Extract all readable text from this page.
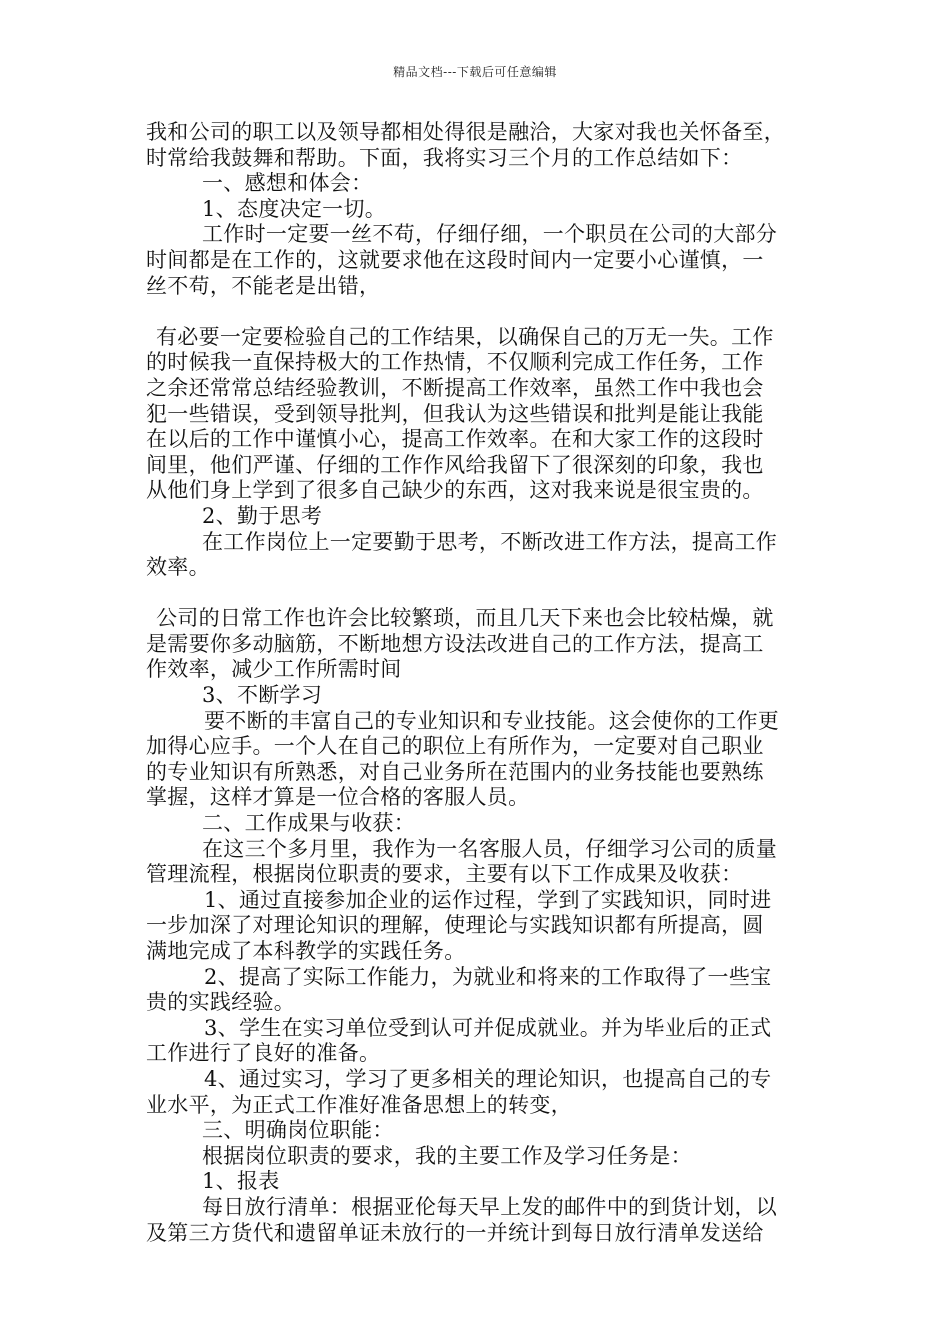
精品文档---下载后可任意编辑
我和公司的职工以及领导都相处得很是融洽，大家对我也关怀备至，
时常给我鼓舞和帮助。下面，我将实习三个月的工作总结如下：
一、感想和体会：
1、态度决定一切。
工作时一定要一丝不苟，仔细仔细，一个职员在公司的大部分
时间都是在工作的，这就要求他在这段时间内一定要小心谨慎，一
丝不苟，不能老是出错，
有必要一定要检验自己的工作结果，以确保自己的万无一失。工作
的时候我一直保持极大的工作热情，不仅顺利完成工作任务，工作
之余还常常总结经验教训，不断提高工作效率，虽然工作中我也会
犯一些错误，受到领导批判，但我认为这些错误和批判是能让我能
在以后的工作中谨慎小心，提高工作效率。在和大家工作的这段时
间里，他们严谨、仔细的工作作风给我留下了很深刻的印象，我也
从他们身上学到了很多自己缺少的东西，这对我来说是很宝贵的。
2、勤于思考
在工作岗位上一定要勤于思考，不断改进工作方法，提高工作
效率。
公司的日常工作也许会比较繁琐，而且几天下来也会比较枯燥，就
是需要你多动脑筋，不断地想方设法改进自己的工作方法，提高工
作效率，减少工作所需时间
3、不断学习
要不断的丰富自己的专业知识和专业技能。这会使你的工作更
加得心应手。一个人在自己的职位上有所作为，一定要对自己职业
的专业知识有所熟悉，对自己业务所在范围内的业务技能也要熟练
掌握，这样才算是一位合格的客服人员。
二、工作成果与收获：
在这三个多月里，我作为一名客服人员，仔细学习公司的质量
管理流程，根据岗位职责的要求，主要有以下工作成果及收获：
1、通过直接参加企业的运作过程，学到了实践知识，同时进
一步加深了对理论知识的理解，使理论与实践知识都有所提高，圆
满地完成了本科教学的实践任务。
2、提高了实际工作能力，为就业和将来的工作取得了一些宝
贵的实践经验。
3、学生在实习单位受到认可并促成就业。并为毕业后的正式
工作进行了良好的准备。
4、通过实习，学习了更多相关的理论知识，也提高自己的专
业水平，为正式工作准好准备思想上的转变，
三、明确岗位职能：
根据岗位职责的要求，我的主要工作及学习任务是：
1、报表
每日放行清单：根据亚伦每天早上发的邮件中的到货计划，以
及第三方货代和遗留单证未放行的一并统计到每日放行清单发送给
